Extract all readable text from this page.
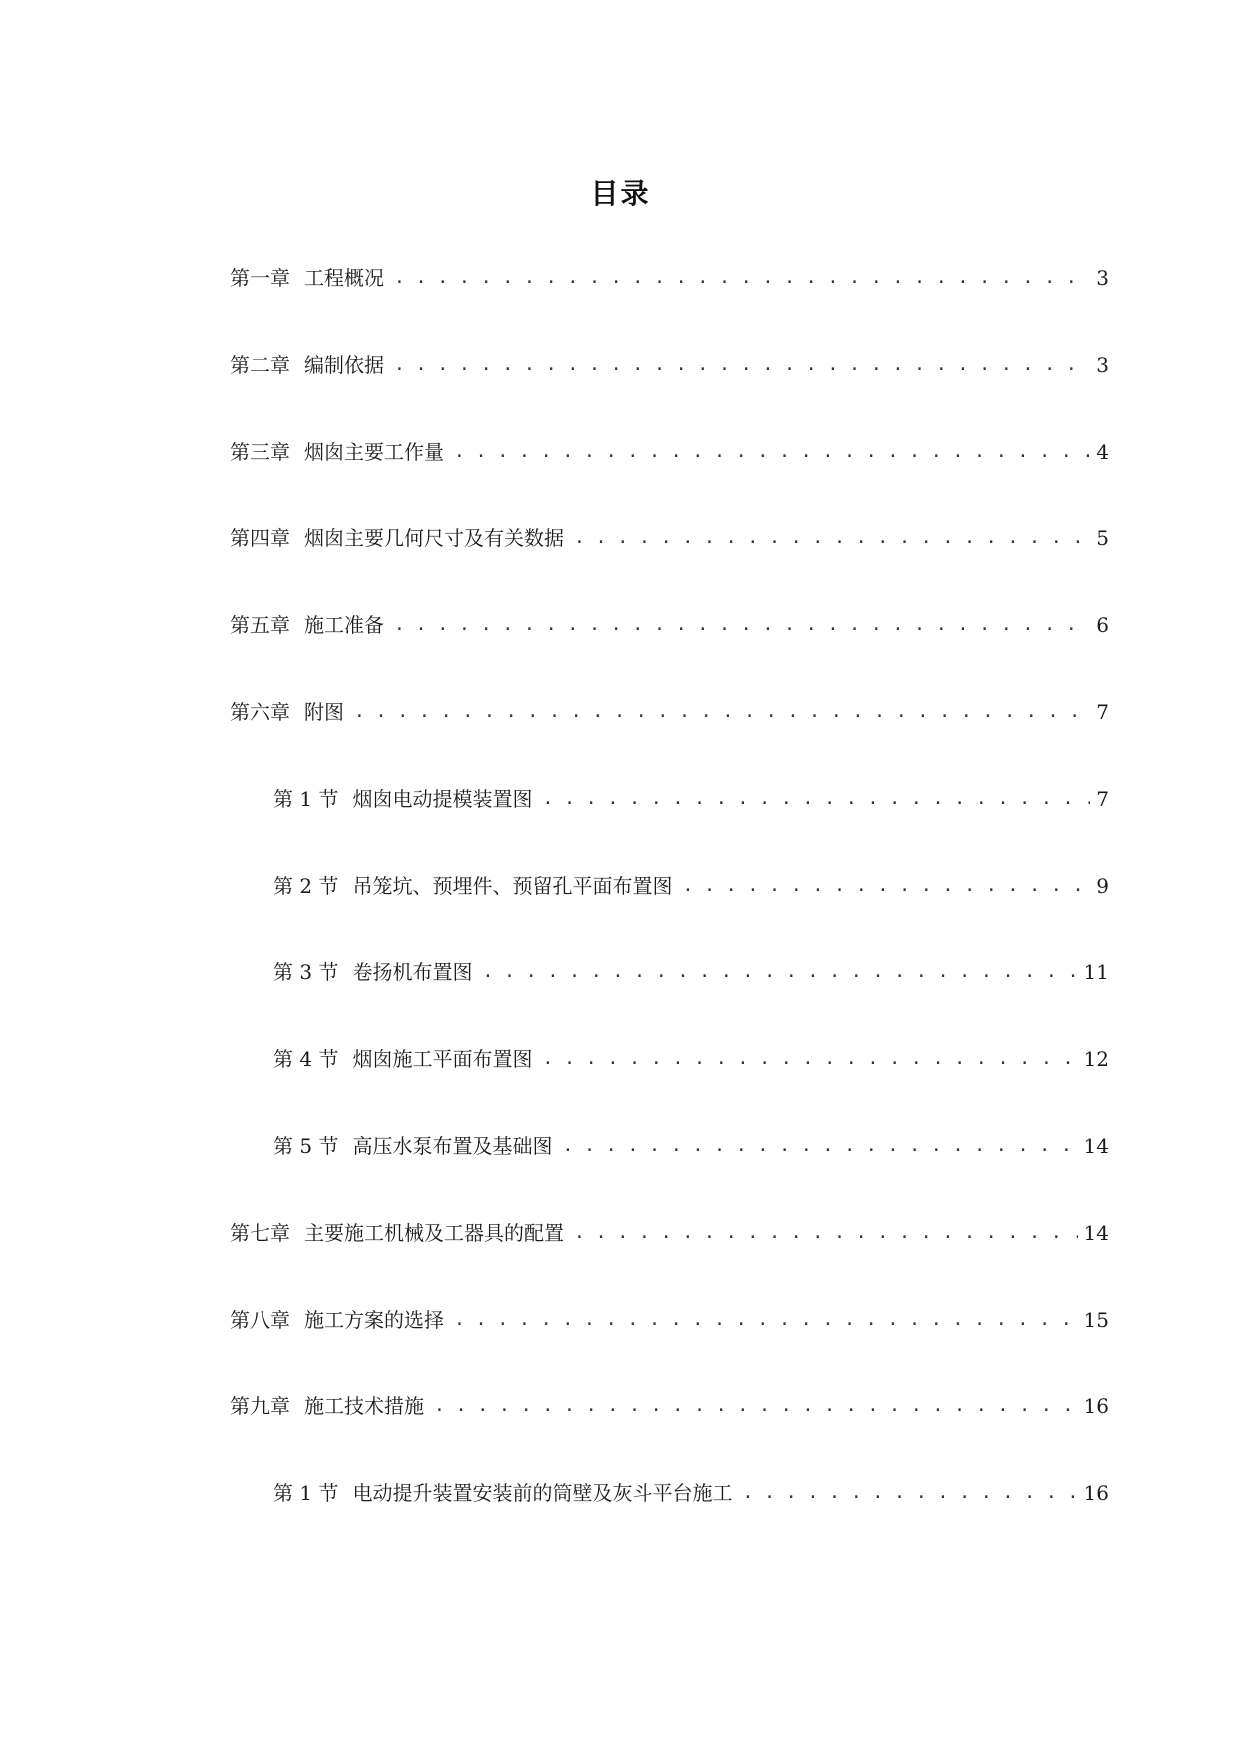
目录
第一章 工程概况 . . .	3
第二章 编制依据 . . .	3
第三章 烟囱主要工作量 . . .	4
第四章 烟囱主要几何尺寸及有关数据 . . .	5
第五章 施工准备 . . .	6
第六章 附图 . . .	7
第 1 节 烟囱电动提模装置图 . . .	7
第 2 节 吊笼坑、预埋件、预留孔平面布置图 . . .	9
第 3 节 卷扬机布置图 . . .	11
第 4 节 烟囱施工平面布置图 . . .	12
第 5 节 高压水泵布置及基础图 . . .	14
第七章 主要施工机械及工器具的配置 . . .	14
第八章 施工方案的选择 . . .	15
第九章 施工技术措施 . . .	16
第 1 节 电动提升装置安装前的筒壁及灰斗平台施工 . . .	16
